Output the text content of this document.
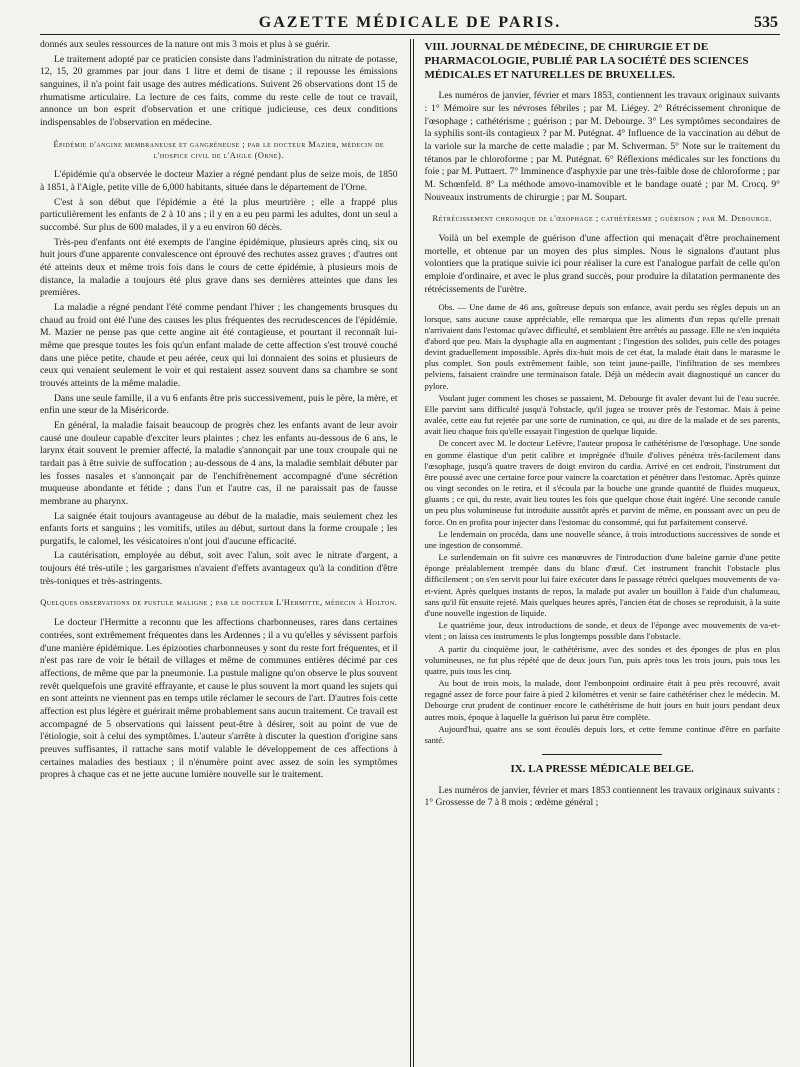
GAZETTE MÉDICALE DE PARIS.	535

donnés aux seules ressources de la nature ont mis 3 mois et plus à se guérir.

Le traitement adopté par ce praticien consiste dans l'administration du nitrate de potasse, 12, 15, 20 grammes par jour dans 1 litre et demi de tisane ; il repousse les émissions sanguines, il n'a point fait usage des autres médications. Suivent 26 observations dont 15 de rhumatisme articulaire. La lecture de ces faits, comme du reste celle de tout ce travail, annonce un bon esprit d'observation et une critique judicieuse, ces deux conditions indispensables de l'observation en médecine.

Épidémie d'angine membraneuse et gangréneuse ; par le docteur Mazier, médecin de l'hospice civil de l'Aigle (Orne).

L'épidémie qu'a observée le docteur Mazier a régné pendant plus de seize mois, de 1850 à 1851, à l'Aigle, petite ville de 6,000 habitants, située dans le département de l'Orne.

C'est à son début que l'épidémie a été la plus meurtrière ; elle a frappé plus particulièrement les enfants de 2 à 10 ans ; il y en a eu peu parmi les adultes, dont un seul a succombé. Sur plus de 600 malades, il y a eu environ 60 décès.

Très-peu d'enfants ont été exempts de l'angine épidémique, plusieurs après cinq, six ou huit jours d'une apparente convalescence ont éprouvé des rechutes assez graves ; d'autres ont été atteints deux et même trois fois dans le cours de cette épidémie, à plusieurs mois de distance, la maladie a toujours été plus grave dans ses dernières atteintes que dans les premières.

La maladie a régné pendant l'été comme pendant l'hiver ; les changements brusques du chaud au froid ont été l'une des causes les plus fréquentes des recrudescences de l'épidémie. M. Mazier ne pense pas que cette angine ait été contagieuse, et pourtant il reconnaît lui-même que presque toutes les fois qu'un enfant malade de cette affection s'est trouvé couché dans une pièce petite, chaude et peu aérée, ceux qui lui donnaient des soins et plusieurs de ceux qui venaient seulement le voir et qui restaient assez souvent dans sa chambre se sont trouvés atteints de la même maladie.

Dans une seule famille, il a vu 6 enfants être pris successivement, puis le père, la mère, et enfin une sœur de la Miséricorde.

En général, la maladie faisait beaucoup de progrès chez les enfants avant de leur avoir causé une douleur capable d'exciter leurs plaintes ; chez les enfants au-dessous de 6 ans, le larynx était souvent le premier affecté, la maladie s'annonçait par une toux croupale qui ne tardait pas à être suivie de suffocation ; au-dessous de 4 ans, la maladie semblait débuter par les fosses nasales et s'annonçait par de l'enchifrènement accompagné d'une sécrétion muqueuse abondante et fétide ; dans l'un et l'autre cas, il ne paraissait pas de fausse membrane au pharynx.

La saignée était toujours avantageuse au début de la maladie, mais seulement chez les enfants forts et sanguins ; les vomitifs, utiles au début, surtout dans la forme croupale ; les purgatifs, le calomel, les vésicatoires n'ont joui d'aucune efficacité.

La cautérisation, employée au début, soit avec l'alun, soit avec le nitrate d'argent, a toujours été très-utile ; les gargarismes n'avaient d'effets avantageux qu'à la condition d'être très-toniques et très-astringents.

Quelques observations de pustule maligne ; par le docteur L'Hermitte, médecin à Holton.

Le docteur l'Hermitte a reconnu que les affections charbonneuses, rares dans certaines contrées, sont extrêmement fréquentes dans les Ardennes ; il a vu qu'elles y sévissent parfois d'une manière épidémique. Les épizooties charbonneuses y sont du reste fort fréquentes, et il n'est pas rare de voir le bétail de villages et même de communes entières décimé par ces affections, de même que par la pneumonie. La pustule maligne qu'on observe le plus souvent revêt quelquefois une gravité effrayante, et cause le plus souvent la mort quand les sujets qui en sont atteints ne viennent pas en temps utile réclamer le secours de l'art. D'autres fois cette affection est plus légère et guérirait même probablement sans aucun traitement. Ce travail est accompagné de 5 observations qui laissent peut-être à désirer, soit au point de vue de l'étiologie, soit à celui des symptômes. L'auteur s'arrête à discuter la question d'origine sans preuves suffisantes, il rattache sans motif valable le développement de ces affections à certaines maladies des bestiaux ; il n'énumère point avec assez de soin les symptômes propres à chaque cas et ne jette aucune lumière nouvelle sur le traitement.

VIII. JOURNAL DE MÉDECINE, DE CHIRURGIE ET DE PHARMACOLOGIE, PUBLIÉ PAR LA SOCIÉTÉ DES SCIENCES MÉDICALES ET NATURELLES DE BRUXELLES.

Les numéros de janvier, février et mars 1853, contiennent les travaux originaux suivants : 1° Mémoire sur les névroses fébriles ; par M. Liégey. 2° Rétrécissement chronique de l'œsophage ; cathétérisme ; guérison ; par M. Debourge. 3° Les symptômes secondaires de la syphilis sont-ils contagieux ? par M. Putégnat. 4° Influence de la vaccination au début de la variole sur la marche de cette maladie ; par M. Schverman. 5° Note sur le traitement du tétanos par le chloroforme ; par M. Putégnat. 6° Réflexions médicales sur les fonctions du foie ; par M. Puttaert. 7° Imminence d'asphyxie par une très-faible dose de chloroforme ; par M. Schœnfeld. 8° La méthode amovo-inamovible et le bandage ouaté ; par M. Crocq. 9° Nouveaux instruments de chirurgie ; par M. Soupart.

Rétrécissement chronique de l'œsophage ; cathétérisme ; guérison ; par M. Debourge.

Voilà un bel exemple de guérison d'une affection qui menaçait d'être prochainement mortelle, et obtenue par un moyen des plus simples. Nous le signalons d'autant plus volontiers que la pratique suivie ici pour réaliser la cure est l'analogue parfait de celle qu'on emploie d'ordinaire, et avec le plus grand succès, pour produire la dilatation permanente des rétrécissements de l'urètre.

Obs. — Une dame de 46 ans, goîtreuse depuis son enfance, avait perdu ses règles depuis un an lorsque, sans aucune cause appréciable, elle remarqua que les aliments d'un repas qu'elle prenait n'arrivaient dans l'estomac qu'avec difficulté, et semblaient être arrêtés au passage. Elle ne s'en inquiéta d'abord que peu. Mais la dysphagie alla en augmentant ; l'ingestion des solides, puis celle des potages devint graduellement impossible. Après dix-huit mois de cet état, la malade était dans le marasme le plus complet. Son pouls extrêmement faible, son teint jaune-paille, l'infiltration de ses membres pelviens, faisaient craindre une terminaison fatale. Déjà un médecin avait diagnostiqué un cancer du pylore.

Voulant juger comment les choses se passaient, M. Debourge fit avaler devant lui de l'eau sucrée. Elle parvint sans difficulté jusqu'à l'obstacle, qu'il jugea se trouver près de l'estomac. Mais à peine avalée, cette eau fut rejetée par une sorte de rumination, ce qui, au dire de la malade et de ses parents, avait lieu chaque fois qu'elle essayait l'ingestion de quelque liquide.

De concert avec M. le docteur Lefèvre, l'auteur proposa le cathétérisme de l'œsophage. Une sonde en gomme élastique d'un petit calibre et imprégnée d'huile d'olives pénétra très-facilement dans l'œsophage, jusqu'à quatre travers de doigt environ du cardia. Arrivé en cet endroit, l'instrument dut être poussé avec une certaine force pour vaincre la coarctation et pénétrer dans l'estomac. Après quinze ou vingt secondes on le retira, et il s'écoula par la bouche une grande quantité de fluides muqueux, gluants ; ce qui, du reste, avait lieu toutes les fois que quelque chose était ingéré. Une seconde canule un peu plus volumineuse fut introduite aussitôt après et parvint de même, en poussant avec un peu de force. On en profita pour injecter dans l'estomac du consommé, qui fut parfaitement conservé.

Le lendemain on procéda, dans une nouvelle séance, à trois introductions successives de sonde et une ingestion de consommé.

Le surlendemain on fit suivre ces manœuvres de l'introduction d'une baleine garnie d'une petite éponge préalablement trempée dans du blanc d'œuf. Cet instrument franchit l'obstacle plus difficilement ; on s'en servit pour lui faire exécuter dans le passage rétréci quelques mouvements de va-et-vient. Après quelques instants de repos, la malade put avaler un bouillon à l'aide d'un chalumeau, sans qu'il fût ensuite rejeté. Mais quelques heures après, l'ancien état de choses se reproduisit, à la suite d'une nouvelle ingestion de liquide.

Le quatrième jour, deux introductions de sonde, et deux de l'éponge avec mouvements de va-et-vient ; on laissa ces instruments le plus longtemps possible dans l'obstacle.

A partir du cinquième jour, le cathétérisme, avec des sondes et des éponges de plus en plus volumineuses, ne fut plus répété que de deux jours l'un, puis après tous les trois jours, puis tous les quatre, puis tous les cinq.

Au bout de trois mois, la malade, dont l'embonpoint ordinaire était à peu près recouvré, avait regagné assez de force pour faire à pied 2 kilomètres et venir se faire cathétériser chez le médecin. M. Debourge crut prudent de continuer encore le cathétérisme de huit jours en huit jours pendant deux autres mois, époque à laquelle la guérison lui parut être complète.

Aujourd'hui, quatre ans se sont écoulés depuis lors, et cette femme continue d'être en parfaite santé.

IX. LA PRESSE MÉDICALE BELGE.

Les numéros de janvier, février et mars 1853 contiennent les travaux originaux suivants : 1° Grossesse de 7 à 8 mois ; œdème général ;
